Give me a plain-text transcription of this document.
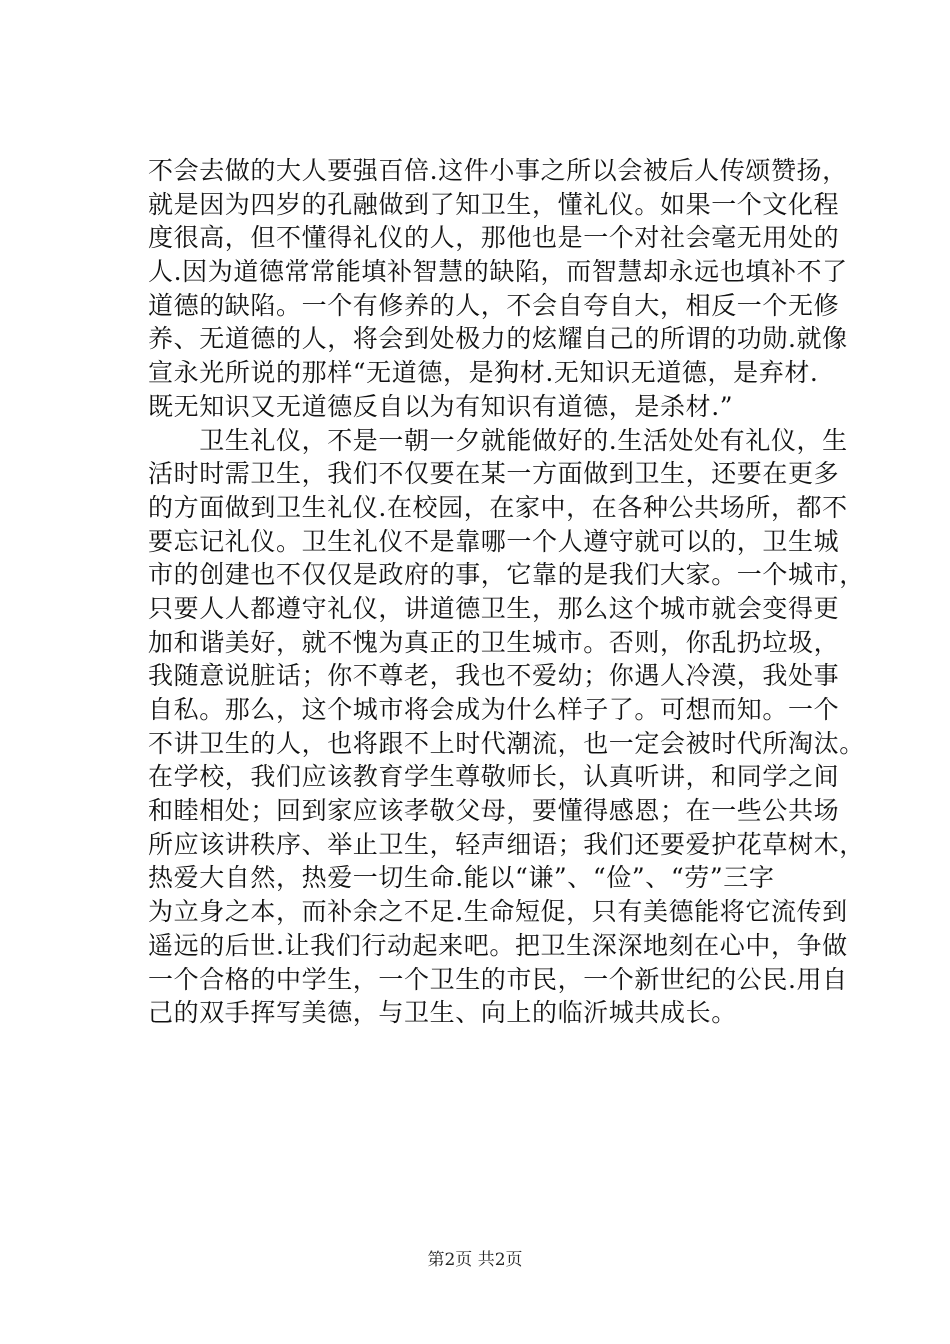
不会去做的大人要强百倍.这件小事之所以会被后人传颂赞扬，
就是因为四岁的孔融做到了知卫生，懂礼仪。如果一个文化程
度很高，但不懂得礼仪的人，那他也是一个对社会毫无用处的
人.因为道德常常能填补智慧的缺陷，而智慧却永远也填补不了
道德的缺陷。一个有修养的人，不会自夸自大，相反一个无修
养、无道德的人，将会到处极力的炫耀自己的所谓的功勋.就像
宣永光所说的那样“无道德，是狗材.无知识无道德，是弃材.
既无知识又无道德反自以为有知识有道德，是杀材.”
　　卫生礼仪，不是一朝一夕就能做好的.生活处处有礼仪，生
活时时需卫生，我们不仅要在某一方面做到卫生，还要在更多
的方面做到卫生礼仪.在校园，在家中，在各种公共场所，都不
要忘记礼仪。卫生礼仪不是靠哪一个人遵守就可以的，卫生城
市的创建也不仅仅是政府的事，它靠的是我们大家。一个城市，
只要人人都遵守礼仪，讲道德卫生，那么这个城市就会变得更
加和谐美好，就不愧为真正的卫生城市。否则，你乱扔垃圾，
我随意说脏话；你不尊老，我也不爱幼；你遇人冷漠，我处事
自私。那么，这个城市将会成为什么样子了。可想而知。一个
不讲卫生的人，也将跟不上时代潮流，也一定会被时代所淘汰。
在学校，我们应该教育学生尊敬师长，认真听讲，和同学之间
和睦相处；回到家应该孝敬父母，要懂得感恩；在一些公共场
所应该讲秩序、举止卫生，轻声细语；我们还要爱护花草树木，
热爱大自然，热爱一切生命.能以“谦”、“俭”、“劳”三字
为立身之本，而补余之不足.生命短促，只有美德能将它流传到
遥远的后世.让我们行动起来吧。把卫生深深地刻在心中，争做
一个合格的中学生，一个卫生的市民，一个新世纪的公民.用自
己的双手挥写美德，与卫生、向上的临沂城共成长。
第2页 共2页
